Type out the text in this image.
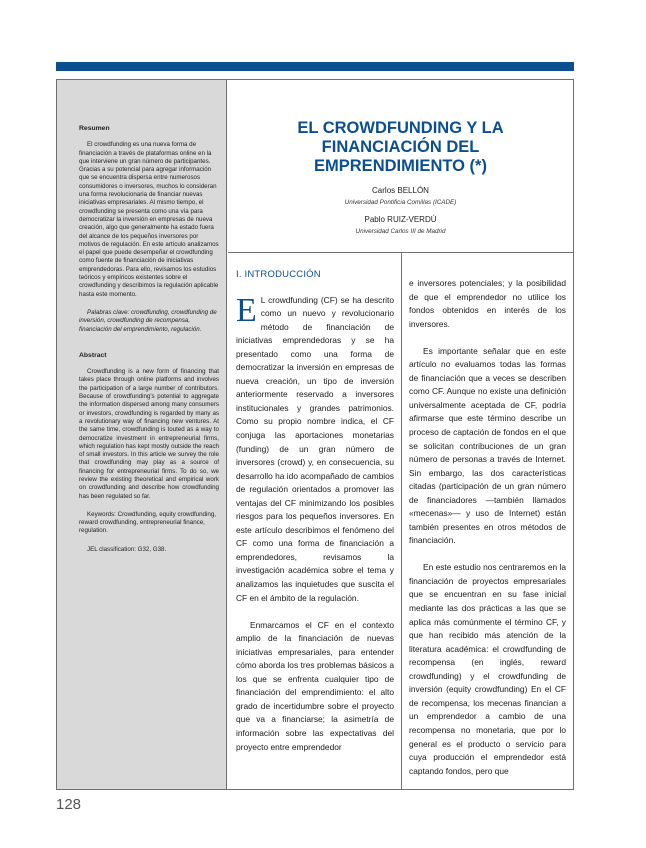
Resumen

El crowdfunding es una nueva forma de financiación a través de plataformas online en la que interviene un gran número de participantes. Gracias a su potencial para agregar información que se encuentra dispersa entre numerosos consumidores o inversores, muchos lo consideran una forma revolucionaria de financiar nuevas iniciativas empresariales. Al mismo tiempo, el crowdfunding se presenta como una vía para democratizar la inversión en empresas de nueva creación, algo que generalmente ha estado fuera del alcance de los pequeños inversores por motivos de regulación. En este artículo analizamos el papel que puede desempeñar el crowdfunding como fuente de financiación de iniciativas emprendedoras. Para ello, revisamos los estudios teóricos y empíricos existentes sobre el crowdfunding y describimos la regulación aplicable hasta este momento.

Palabras clave: crowdfunding, crowdfunding de inversión, crowdfunding de recompensa, financiación del emprendimiento, regulación.

Abstract

Crowdfunding is a new form of financing that takes place through online platforms and involves the participation of a large number of contributors. Because of crowdfunding's potential to aggregate the information dispersed among many consumers or investors, crowdfunding is regarded by many as a revolutionary way of financing new ventures. At the same time, crowdfunding is touted as a way to democratize investment in entrepreneurial firms, which regulation has kept mostly outside the reach of small investors. In this article we survey the role that crowdfunding may play as a source of financing for entrepreneurial firms. To do so, we review the existing theoretical and empirical work on crowdfunding and describe how crowdfunding has been regulated so far.

Keywords: Crowdfunding, equity crowdfunding, reward crowdfunding, entrepreneurial finance, regulation.

JEL classification: G32, G38.

EL CROWDFUNDING Y LA
FINANCIACIÓN DEL
EMPRENDIMIENTO (*)
Carlos BELLÓN
Universidad Pontificia Comillas (ICADE)
Pablo RUIZ-VERDÚ
Universidad Carlos III de Madrid

I. INTRODUCCIÓN

E L crowdfunding (CF) se ha descrito como un nuevo y revolucionario método de financiación de iniciativas emprendedoras y se ha presentado como una forma de democratizar la inversión en empresas de nueva creación, un tipo de inversión anteriormente reservado a inversores institucionales y grandes patrimonios. Como su propio nombre indica, el CF conjuga las aportaciones monetarias (funding) de un gran número de inversores (crowd) y, en consecuencia, su desarrollo ha ido acompañado de cambios de regulación orientados a promover las ventajas del CF minimizando los posibles riesgos para los pequeños inversores. En este artículo describimos el fenómeno del CF como una forma de financiación a emprendedores, revisamos la investigación académica sobre el tema y analizamos las inquietudes que suscita el CF en el ámbito de la regulación.

Enmarcamos el CF en el contexto amplio de la financiación de nuevas iniciativas empresariales, para entender cómo aborda los tres problemas básicos a los que se enfrenta cualquier tipo de financiación del emprendimiento: el alto grado de incertidumbre sobre el proyecto que va a financiarse; la asimetría de información sobre las expectativas del proyecto entre emprendedor

e inversores potenciales; y la posibilidad de que el emprendedor no utilice los fondos obtenidos en interés de los inversores.

Es importante señalar que en este artículo no evaluamos todas las formas de financiación que a veces se describen como CF. Aunque no existe una definición universalmente aceptada de CF, podría afirmarse que este término describe un proceso de captación de fondos en el que se solicitan contribuciones de un gran número de personas a través de Internet. Sin embargo, las dos características citadas (participación de un gran número de financiadores —también llamados «mecenas»— y uso de Internet) están también presentes en otros métodos de financiación.

En este estudio nos centraremos en la financiación de proyectos empresariales que se encuentran en su fase inicial mediante las dos prácticas a las que se aplica más comúnmente el término CF, y que han recibido más atención de la literatura académica: el crowdfunding de recompensa (en inglés, reward crowdfunding) y el crowdfunding de inversión (equity crowdfunding) En el CF de recompensa, los mecenas financian a un emprendedor a cambio de una recompensa no monetaria, que por lo general es el producto o servicio para cuya producción el emprendedor está captando fondos, pero que

128
